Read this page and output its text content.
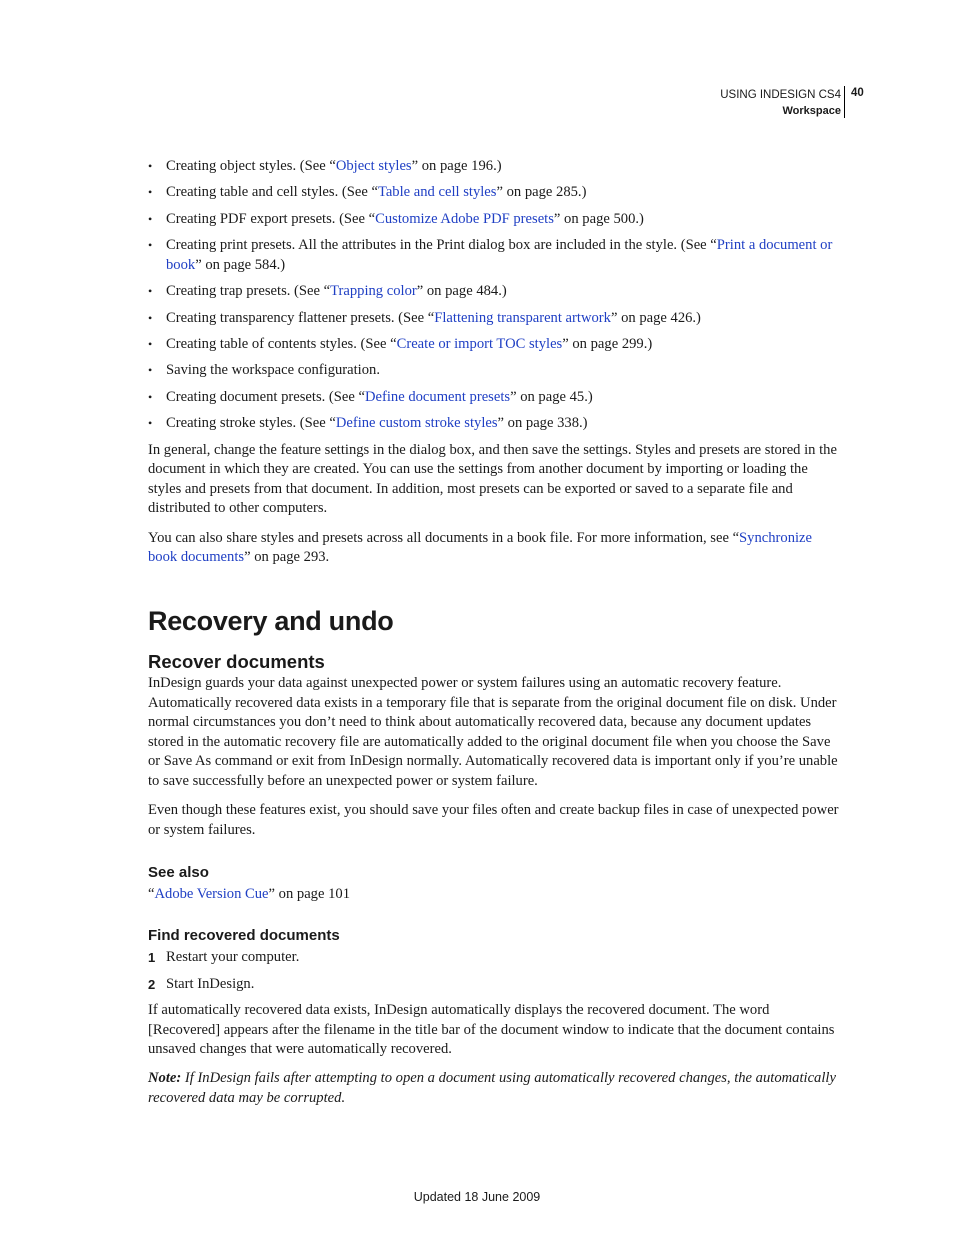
USING INDESIGN CS4
Workspace
40
• Creating object styles. (See “Object styles” on page 196.)
• Creating table and cell styles. (See “Table and cell styles” on page 285.)
• Creating PDF export presets. (See “Customize Adobe PDF presets” on page 500.)
• Creating print presets. All the attributes in the Print dialog box are included in the style. (See “Print a document or book” on page 584.)
• Creating trap presets. (See “Trapping color” on page 484.)
• Creating transparency flattener presets. (See “Flattening transparent artwork” on page 426.)
• Creating table of contents styles. (See “Create or import TOC styles” on page 299.)
• Saving the workspace configuration.
• Creating document presets. (See “Define document presets” on page 45.)
• Creating stroke styles. (See “Define custom stroke styles” on page 338.)

In general, change the feature settings in the dialog box, and then save the settings. Styles and presets are stored in the document in which they are created. You can use the settings from another document by importing or loading the styles and presets from that document. In addition, most presets can be exported or saved to a separate file and distributed to other computers.

You can also share styles and presets across all documents in a book file. For more information, see “Synchronize book documents” on page 293.

Recovery and undo
Recover documents

InDesign guards your data against unexpected power or system failures using an automatic recovery feature. Automatically recovered data exists in a temporary file that is separate from the original document file on disk. Under normal circumstances you don’t need to think about automatically recovered data, because any document updates stored in the automatic recovery file are automatically added to the original document file when you choose the Save or Save As command or exit from InDesign normally. Automatically recovered data is important only if you’re unable to save successfully before an unexpected power or system failure.

Even though these features exist, you should save your files often and create backup files in case of unexpected power or system failures.

See also

“Adobe Version Cue” on page 101

Find recovered documents
1 Restart your computer.
2 Start InDesign.

If automatically recovered data exists, InDesign automatically displays the recovered document. The word [Recovered] appears after the filename in the title bar of the document window to indicate that the document contains unsaved changes that were automatically recovered.

Note: If InDesign fails after attempting to open a document using automatically recovered changes, the automatically recovered data may be corrupted.

Updated 18 June 2009
